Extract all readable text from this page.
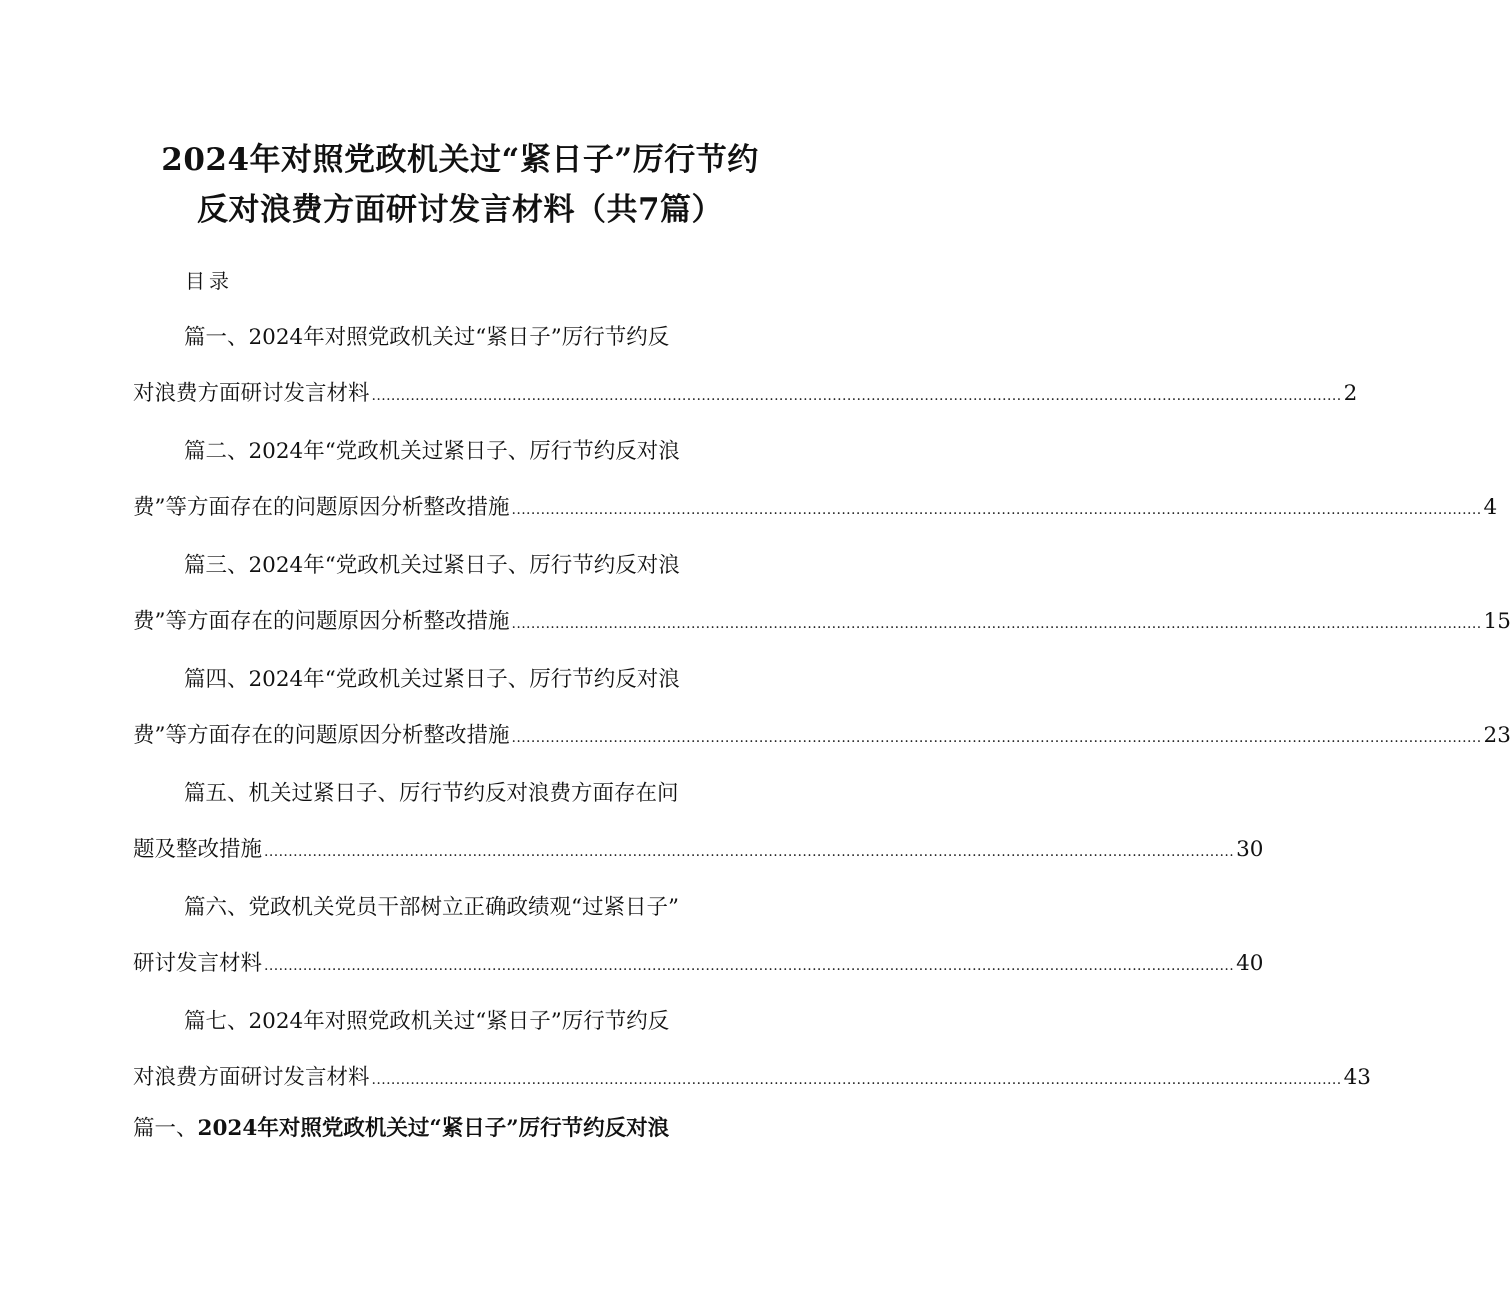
2024年对照党政机关过“紧日子”厉行节约
反对浪费方面研讨发言材料（共7篇）
目录
篇一、2024年对照党政机关过“紧日子”厉行节约反
对浪费方面研讨发言材料 ........................................................................................................................................................................................................ 2
篇二、2024年“党政机关过紧日子、厉行节约反对浪
费”等方面存在的问题原因分析整改措施 ........................................................................................................................................................................................................ 4
篇三、2024年“党政机关过紧日子、厉行节约反对浪
费”等方面存在的问题原因分析整改措施 ........................................................................................................................................................................................................ 15
篇四、2024年“党政机关过紧日子、厉行节约反对浪
费”等方面存在的问题原因分析整改措施 ........................................................................................................................................................................................................ 23
篇五、机关过紧日子、厉行节约反对浪费方面存在问
题及整改措施 ........................................................................................................................................................................................................ 30
篇六、党政机关党员干部树立正确政绩观“过紧日子”
研讨发言材料 ........................................................................................................................................................................................................ 40
篇七、2024年对照党政机关过“紧日子”厉行节约反
对浪费方面研讨发言材料 ........................................................................................................................................................................................................ 43
篇一、2024年对照党政机关过“紧日子”厉行节约反对浪
